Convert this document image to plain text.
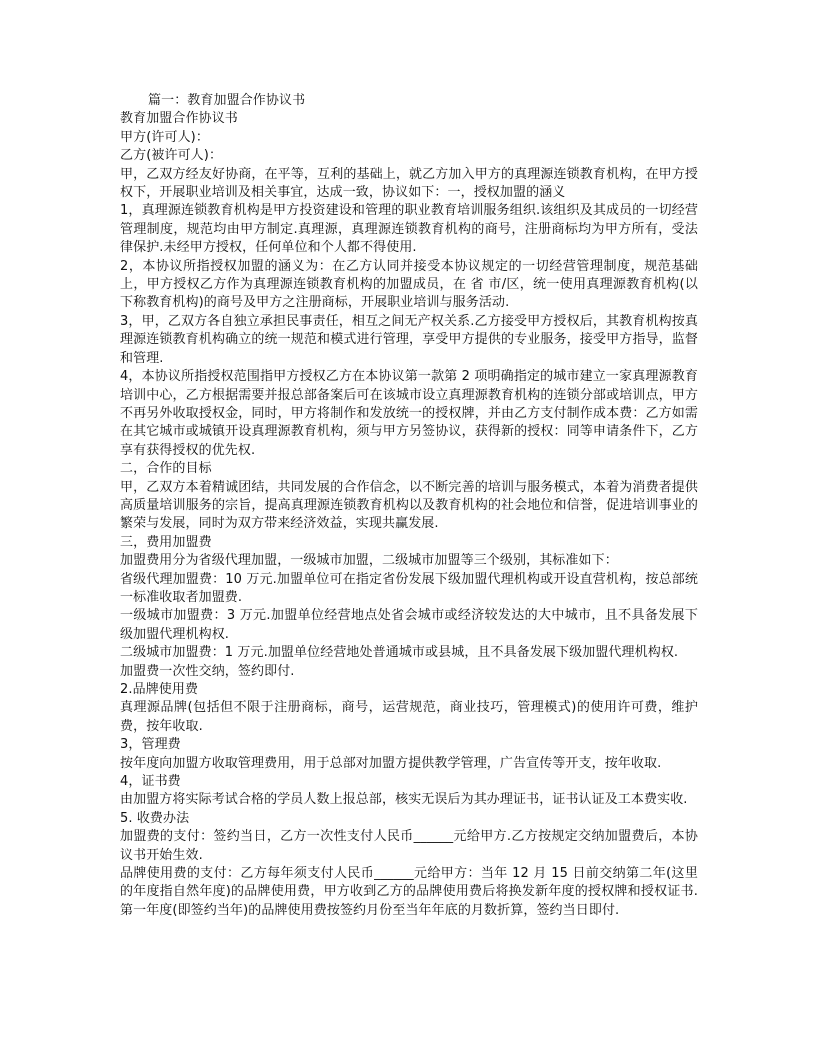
篇一：教育加盟合作协议书

教育加盟合作协议书

甲方(许可人)：

乙方(被许可人)：

甲，乙双方经友好协商，在平等，互利的基础上，就乙方加入甲方的真理源连锁教育机构，在甲方授权下，开展职业培训及相关事宜，达成一致，协议如下：一，授权加盟的涵义

1，真理源连锁教育机构是甲方投资建设和管理的职业教育培训服务组织.该组织及其成员的一切经营管理制度，规范均由甲方制定.真理源，真理源连锁教育机构的商号，注册商标均为甲方所有，受法律保护.未经甲方授权，任何单位和个人都不得使用.

2，本协议所指授权加盟的涵义为：在乙方认同并接受本协议规定的一切经营管理制度，规范基础上，甲方授权乙方作为真理源连锁教育机构的加盟成员，在 省 市/区，统一使用真理源教育机构(以下称教育机构)的商号及甲方之注册商标，开展职业培训与服务活动.

3，甲，乙双方各自独立承担民事责任，相互之间无产权关系.乙方接受甲方授权后，其教育机构按真理源连锁教育机构确立的统一规范和模式进行管理，享受甲方提供的专业服务，接受甲方指导，监督和管理.

4，本协议所指授权范围指甲方授权乙方在本协议第一款第 2 项明确指定的城市建立一家真理源教育培训中心，乙方根据需要并报总部备案后可在该城市设立真理源教育机构的连锁分部或培训点，甲方不再另外收取授权金，同时，甲方将制作和发放统一的授权牌，并由乙方支付制作成本费：乙方如需在其它城市或城镇开设真理源教育机构，须与甲方另签协议，获得新的授权：同等申请条件下，乙方享有获得授权的优先权.

二，合作的目标

甲，乙双方本着精诚团结，共同发展的合作信念，以不断完善的培训与服务模式，本着为消费者提供高质量培训服务的宗旨，提高真理源连锁教育机构以及教育机构的社会地位和信誉，促进培训事业的繁荣与发展，同时为双方带来经济效益，实现共赢发展.

三，费用加盟费

加盟费用分为省级代理加盟，一级城市加盟，二级城市加盟等三个级别，其标准如下：

省级代理加盟费：10 万元.加盟单位可在指定省份发展下级加盟代理机构或开设直营机构，按总部统一标准收取者加盟费.

一级城市加盟费：3 万元.加盟单位经营地点处省会城市或经济较发达的大中城市，且不具备发展下级加盟代理机构权.

二级城市加盟费：1 万元.加盟单位经营地处普通城市或县城，且不具备发展下级加盟代理机构权.

加盟费一次性交纳，签约即付.

2.品牌使用费

真理源品牌(包括但不限于注册商标，商号，运营规范，商业技巧，管理模式)的使用许可费，维护费，按年收取.

3，管理费

按年度向加盟方收取管理费用，用于总部对加盟方提供教学管理，广告宣传等开支，按年收取.

4，证书费

由加盟方将实际考试合格的学员人数上报总部，核实无误后为其办理证书，证书认证及工本费实收.

5. 收费办法

加盟费的支付：签约当日，乙方一次性支付人民币______元给甲方.乙方按规定交纳加盟费后，本协议书开始生效.

品牌使用费的支付：乙方每年须支付人民币______元给甲方：当年 12 月 15 日前交纳第二年(这里的年度指自然年度)的品牌使用费，甲方收到乙方的品牌使用费后将换发新年度的授权牌和授权证书.第一年度(即签约当年)的品牌使用费按签约月份至当年年底的月数折算，签约当日即付.
